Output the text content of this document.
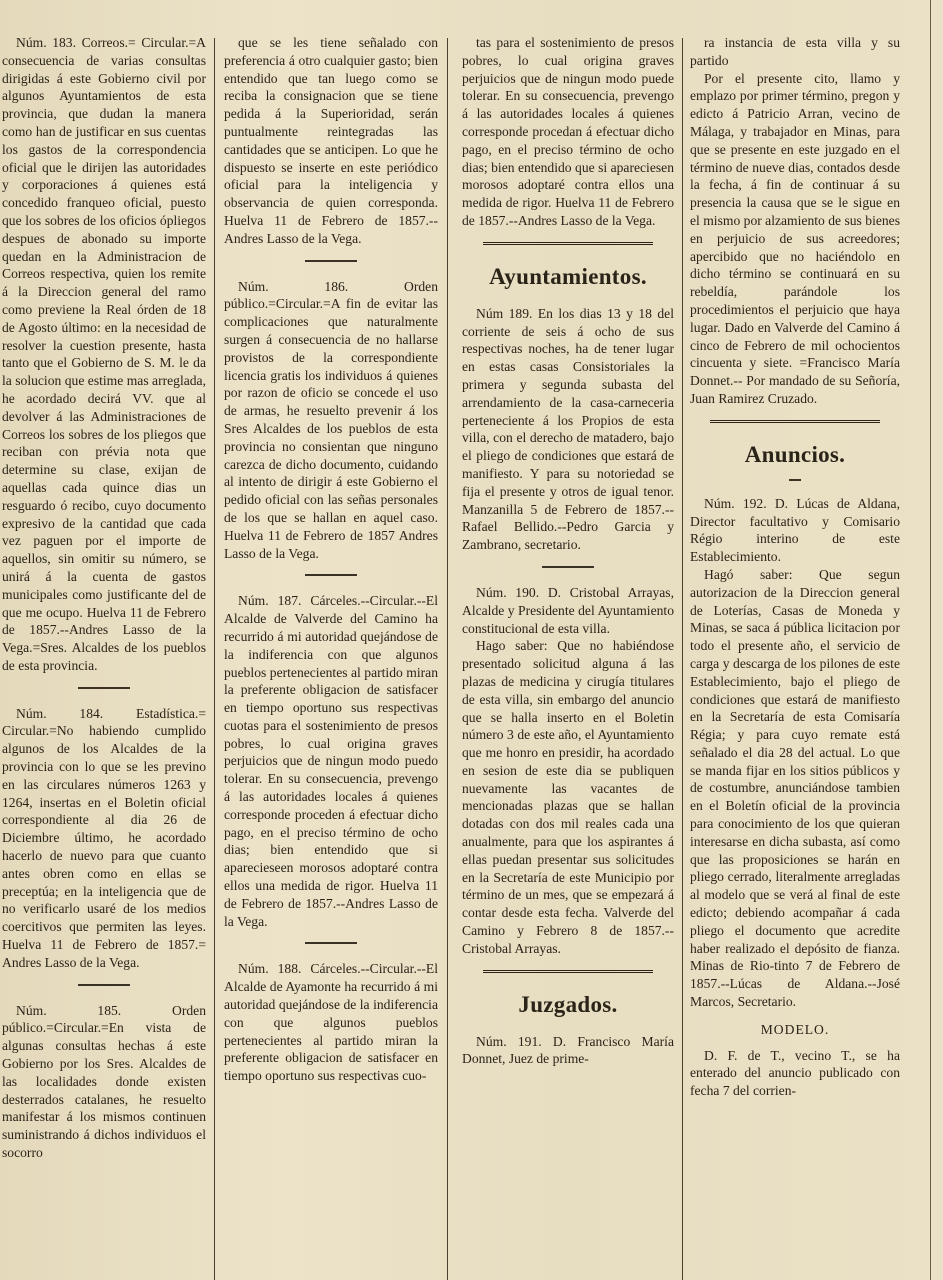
Núm. 183. Correos.= Circular.=A consecuencia de varias consultas dirigidas á este Gobierno civil por algunos Ayuntamientos de esta provincia, que dudan la manera como han de justificar en sus cuentas los gastos de la correspondencia oficial que le dirijen las autoridades y corporaciones á quienes está concedido franqueo oficial, puesto que los sobres de los oficios ópliegos despues de abonado su importe quedan en la Administracion de Correos respectiva, quien los remite á la Direccion general del ramo como previene la Real órden de 18 de Agosto último: en la necesidad de resolver la cuestion presente, hasta tanto que el Gobierno de S. M. le da la solucion que estime mas arreglada, he acordado decirá VV. que al devolver á las Administraciones de Correos los sobres de los pliegos que reciban con prévia nota que determine su clase, exijan de aquellas cada quince dias un resguardo ó recibo, cuyo documento expresivo de la cantidad que cada vez paguen por el importe de aquellos, sin omitir su número, se unirá á la cuenta de gastos municipales como justificante del de que me ocupo. Huelva 11 de Febrero de 1857.--Andres Lasso de la Vega.=Sres. Alcaldes de los pueblos de esta provincia.

Núm. 184. Estadística.= Circular.=No habiendo cumplido algunos de los Alcaldes de la provincia con lo que se les previno en las circulares números 1263 y 1264, insertas en el Boletin oficial correspondiente al dia 26 de Diciembre último, he acordado hacerlo de nuevo para que cuanto antes obren como en ellas se preceptúa; en la inteligencia que de no verificarlo usaré de los medios coercitivos que permiten las leyes. Huelva 11 de Febrero de 1857.= Andres Lasso de la Vega.

Núm. 185. Orden público.=Circular.=En vista de algunas consultas hechas á este Gobierno por los Sres. Alcaldes de las localidades donde existen desterrados catalanes, he resuelto manifestar á los mismos continuen suministrando á dichos individuos el socorro

que se les tiene señalado con preferencia á otro cualquier gasto; bien entendido que tan luego como se reciba la consignacion que se tiene pedida á la Superioridad, serán puntualmente reintegradas las cantidades que se anticipen. Lo que he dispuesto se inserte en este periódico oficial para la inteligencia y observancia de quien corresponda. Huelva 11 de Febrero de 1857.--Andres Lasso de la Vega.

Núm. 186. Orden público.=Circular.=A fin de evitar las complicaciones que naturalmente surgen á consecuencia de no hallarse provistos de la correspondiente licencia gratis los individuos á quienes por razon de oficio se concede el uso de armas, he resuelto prevenir á los Sres Alcaldes de los pueblos de esta provincia no consientan que ninguno carezca de dicho documento, cuidando al intento de dirigir á este Gobierno el pedido oficial con las señas personales de los que se hallan en aquel caso. Huelva 11 de Febrero de 1857 Andres Lasso de la Vega.

Núm. 187. Cárceles.--Circular.--El Alcalde de Valverde del Camino ha recurrido á mi autoridad quejándose de la indiferencia con que algunos pueblos pertenecientes al partido miran la preferente obligacion de satisfacer en tiempo oportuno sus respectivas cuotas para el sostenimiento de presos pobres, lo cual origina graves perjuicios que de ningun modo puedo tolerar. En su consecuencia, prevengo á las autoridades locales á quienes corresponde proceden á efectuar dicho pago, en el preciso término de ocho dias; bien entendido que si aparecieseen morosos adoptaré contra ellos una medida de rigor. Huelva 11 de Febrero de 1857.--Andres Lasso de la Vega.

Núm. 188. Cárceles.--Circular.--El Alcalde de Ayamonte ha recurrido á mi autoridad quejándose de la indiferencia con que algunos pueblos pertenecientes al partido miran la preferente obligacion de satisfacer en tiempo oportuno sus respectivas cuo-

tas para el sostenimiento de presos pobres, lo cual origina graves perjuicios que de ningun modo puede tolerar. En su consecuencia, prevengo á las autoridades locales á quienes corresponde procedan á efectuar dicho pago, en el preciso término de ocho dias; bien entendido que si apareciesen morosos adoptaré contra ellos una medida de rigor. Huelva 11 de Febrero de 1857.--Andres Lasso de la Vega.

Ayuntamientos.

Núm 189. En los dias 13 y 18 del corriente de seis á ocho de sus respectivas noches, ha de tener lugar en estas casas Consistoriales la primera y segunda subasta del arrendamiento de la casa-carneceria perteneciente á los Propios de esta villa, con el derecho de matadero, bajo el pliego de condiciones que estará de manifiesto. Y para su notoriedad se fija el presente y otros de igual tenor. Manzanilla 5 de Febrero de 1857.--Rafael Bellido.--Pedro Garcia y Zambrano, secretario.

Núm. 190. D. Cristobal Arrayas, Alcalde y Presidente del Ayuntamiento constitucional de esta villa.

Hago saber: Que no habiéndose presentado solicitud alguna á las plazas de medicina y cirugía titulares de esta villa, sin embargo del anuncio que se halla inserto en el Boletin número 3 de este año, el Ayuntamiento que me honro en presidir, ha acordado en sesion de este dia se publiquen nuevamente las vacantes de mencionadas plazas que se hallan dotadas con dos mil reales cada una anualmente, para que los aspirantes á ellas puedan presentar sus solicitudes en la Secretaría de este Municipio por término de un mes, que se empezará á contar desde esta fecha. Valverde del Camino y Febrero 8 de 1857.--Cristobal Arrayas.

Juzgados.

Núm. 191. D. Francisco María Donnet, Juez de prime-

ra instancia de esta villa y su partido

Por el presente cito, llamo y emplazo por primer término, pregon y edicto á Patricio Arran, vecino de Málaga, y trabajador en Minas, para que se presente en este juzgado en el término de nueve dias, contados desde la fecha, á fin de continuar á su presencia la causa que se le sigue en el mismo por alzamiento de sus bienes en perjuicio de sus acreedores; apercibido que no haciéndolo en dicho término se continuará en su rebeldía, parándole los procedimientos el perjuicio que haya lugar. Dado en Valverde del Camino á cinco de Febrero de mil ochocientos cincuenta y siete. =Francisco María Donnet.-- Por mandado de su Señoría, Juan Ramirez Cruzado.

Anuncios.

Núm. 192. D. Lúcas de Aldana, Director facultativo y Comisario Régio interino de este Establecimiento.

Hagó saber: Que segun autorizacion de la Direccion general de Loterías, Casas de Moneda y Minas, se saca á pública licitacion por todo el presente año, el servicio de carga y descarga de los pilones de este Establecimiento, bajo el pliego de condiciones que estará de manifiesto en la Secretaría de esta Comisaría Régia; y para cuyo remate está señalado el dia 28 del actual. Lo que se manda fijar en los sitios públicos y de costumbre, anunciándose tambien en el Boletín oficial de la provincia para conocimiento de los que quieran interesarse en dicha subasta, así como que las proposiciones se harán en pliego cerrado, literalmente arregladas al modelo que se verá al final de este edicto; debiendo acompañar á cada pliego el documento que acredite haber realizado el depósito de fianza. Minas de Rio-tinto 7 de Febrero de 1857.--Lúcas de Aldana.--José Marcos, Secretario.

MODELO.

D. F. de T., vecino T., se ha enterado del anuncio publicado con fecha 7 del corrien-
